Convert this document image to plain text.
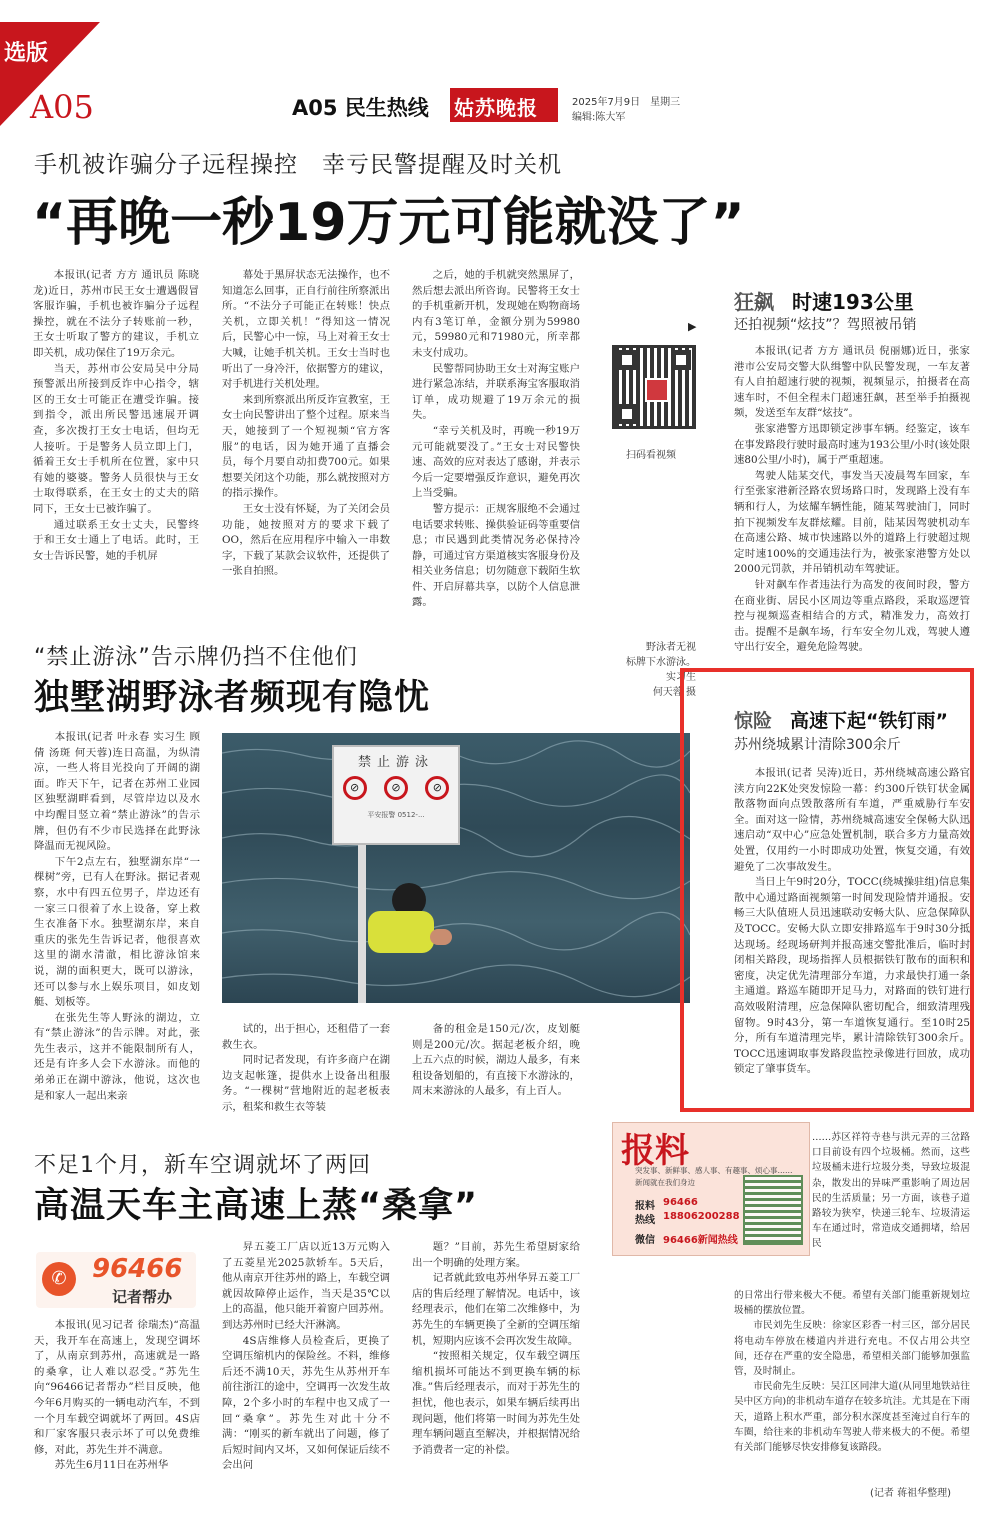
选版
A05	A05 民生热线 姑苏晚报	2025年7月9日　星期三
编辑:陈大军
手机被诈骗分子远程操控　幸亏民警提醒及时关机
“再晚一秒19万元可能就没了”

本报讯(记者 方方 通讯员 陈晓龙)近日，苏州市民王女士遭遇假冒客服诈骗，手机也被诈骗分子远程操控，就在不法分子转账前一秒，王女士听取了警方的建议，手机立即关机，成功保住了19万余元。

当天，苏州市公安局吴中分局预警派出所接到反诈中心指令，辖区的王女士可能正在遭受诈骗。接到指令，派出所民警迅速展开调查，多次拨打王女士电话，但均无人接听。于是警务人员立即上门，循着王女士手机所在位置，家中只有她的婆婆。警务人员很快与王女士取得联系，在王女士的丈夫的陪同下，王女士已被诈骗了。

通过联系王女士丈夫，民警终于和王女士通上了电话。此时，王女士告诉民警，她的手机屏

幕处于黑屏状态无法操作，也不知道怎么回事，正自行前往所察派出所。“不法分子可能正在转账！快点关机，立即关机！”得知这一情况后，民警心中一惊，马上对着王女士大喊，让她手机关机。王女士当时也听出了一身冷汗，依据警方的建议，对手机进行关机处理。

来到所察派出所反诈宣教室，王女士向民警讲出了整个过程。原来当天，她接到了一个短视频“官方客服”的电话，因为她开通了直播会员，每个月要自动扣费700元。如果想要关闭这个功能，那么就按照对方的指示操作。

王女士没有怀疑，为了关闭会员功能，她按照对方的要求下载了OO，然后在应用程序中输入一串数字，下载了某款会议软件，还提供了一张自拍照。

之后，她的手机就突然黑屏了，然后想去派出所咨询。民警将王女士的手机重新开机，发现她在购物商场内有3笔订单，金额分别为59980元，59980元和71980元，所幸都未支付成功。

民警帮同协助王女士对海宝账户进行紧急冻结，并联系海宝客服取消订单，成功规避了19万余元的损失。

“幸亏关机及时，再晚一秒19万元可能就要没了。”王女士对民警快速、高效的应对表达了感谢，并表示今后一定要增强反诈意识，避免再次上当受骗。

警方提示：正规客服绝不会通过电话要求转账、操供验证码等重要信息；市民遇到此类情况务必保持冷静，可通过官方渠道核实客服身份及相关业务信息；切勿随意下载陌生软件、开启屏幕共享，以防个人信息泄露。

▶
扫码看视频
狂飙 时速193公里
还拍视频“炫技”？驾照被吊销

本报讯(记者 方方 通讯员 倪丽娜)近日，张家港市公安局交警大队缉警中队民警发现，一车友著有人自拍超速行驶的视频，视频显示，拍摄者在高速车时，不但全程未门超速狂飙，甚至举手拍摄视频，发送至车友群“炫技”。

张家港警方迅即锁定涉事车辆。经鉴定，该车在事发路段行驶时最高时速为193公里/小时(该处限速80公里/小时)，属于严重超速。

驾驶人陆某交代，事发当天凌晨驾车回家，车行至张家港新泾路农贸场路口时，发现路上没有车辆和行人，为炫耀车辆性能，随某驾驶油门，同时拍下视频发车友群炫耀。目前，陆某因驾驶机动车在高速公路、城市快速路以外的道路上行驶超过规定时速100%的交通违法行为，被张家港警方处以2000元罚款，并吊销机动车驾驶证。

针对飙车作者违法行为高发的夜间时段，警方在商业街、居民小区周边等重点路段，采取巡逻管控与视频巡查相结合的方式，精准发力，高效打击。提醒不是飙车场，行车安全勿儿戏，驾驶人遵守出行安全，避免危险驾驶。

“禁止游泳”告示牌仍挡不住他们
独墅湖野泳者频现有隐忧

本报讯(记者 叶永春 实习生 顾倩 汤斑 何天蓉)连日高温，为纵清凉，一些人将目光投向了开阔的湖面。昨天下午，记者在苏州工业园区独墅湖畔看到，尽管岸边以及水中均醒目竖立着“禁止游泳”的告示牌，但仍有不少市民选择在此野泳降温而无视风险。

下午2点左右，独墅湖东岸“一棵树”旁，已有人在野泳。据记者观察，水中有四五位男子，岸边还有一家三口很着了水上设备，穿上救生衣准备下水。独墅湖东岸，来自重庆的张先生告诉记者，他很喜欢这里的湖水清澈，相比游泳馆来说，湖的面积更大，既可以游泳，还可以参与水上娱乐项目，如皮划艇、划板等。

在张先生等人野泳的湖边，立有“禁止游泳”的告示牌。对此，张先生表示，这并不能限制所有人，还是有许多人会下水游泳。而他的弟弟正在湖中游泳，他说，这次也是和家人一起出来亲

禁止游泳
⊘	⊘	⊘
平安报警 0512-...
野泳者无视
标牌下水游泳。
实习生
何天蓉 摄

试的，出于担心，还租借了一套救生衣。

同时记者发现，有许多商户在湖边支起帐篷，提供水上设备出租服务。“一棵树”营地附近的起老板表示，租桨和救生衣等装

备的租金是150元/次，皮划艇则是200元/次。据起老板介绍，晚上五六点的时候，湖边人最多，有来租设备划船的，有直接下水游泳的，周末来游泳的人最多，有上百人。

惊险 高速下起“铁钉雨”
苏州绕城累计清除300余斤

本报讯(记者 吴涛)近日，苏州绕城高速公路官渎方向22K处突发惊险一幕：约300斤铁钉状金属散落物面向点毁散落所有车道，严重威胁行车安全。面对这一险情，苏州绕城高速安全保畅大队迅速启动“双中心”应急处置机制，联合多方力量高效处置，仅用约一小时即成功处置，恢复交通，有效避免了二次事故发生。

当日上午9时20分，TOCC(绕城操驻组)信息集散中心通过路面视频第一时间发现险情并通报。安畅三大队值班人员迅速联动安畅大队、应急保障队及TOCC。安畅大队立即安排路巡车于9时30分抵达现场。经现场研判并报高速交警批准后，临时封闭相关路段，现场指挥人员根据铁钉散布的面积和密度，决定优先清理部分车道，力求最快打通一条主通道。路巡车随即开足马力，对路面的铁钉进行高效吸附清理，应急保障队密切配合，细致清理残留物。9时43分，第一车道恢复通行。至10时25分，所有车道清理完毕，累计清除铁钉300余斤。TOCC迅速调取事发路段监控录像进行回放，成功锁定了肇事货车。

不足1个月，新车空调就坏了两回
高温天车主高速上蒸“桑拿”
✆ 96466
记者帮办

本报讯(见习记者 徐瑞杰)“高温天，我开车在高速上，发现空调坏了，从南京到苏州，高速就是一路的桑拿，让人难以忍受。”苏先生向“96466记者帮办”栏目反映，他今年6月购买的一辆电动汽车，不到一个月车载空调就坏了两回。4S店和厂家客服只表示坏了可以免费维修，对此，苏先生并不满意。

苏先生6月11日在苏州华

昇五菱工厂店以近13万元购入了五菱星光2025款轿车。5天后，他从南京开往苏州的路上，车载空调就因故障停止运作，当天是35℃以上的高温，他只能开着窗户回苏州。到达苏州时已经大汗淋漓。

4S店维修人员检查后，更换了空调压缩机内的保险丝。不料，维修后还不满10天，苏先生从苏州开车前往浙江的途中，空调再一次发生故障，2个多小时的车程中也又成了一回“桑拿”。苏先生对此十分不满：“刚买的新车就出了问题，修了后短时间内又坏，又如何保证后续不会出问

题？”目前，苏先生希望厨家给出一个明确的处理方案。

记者就此致电苏州华昇五菱工厂店的售后经理了解情况。电话中，该经理表示，他们在第二次维修中，为苏先生的车辆更换了全新的空调压缩机，短期内应该不会再次发生故障。

“按照相关规定，仅车载空调压缩机损坏可能达不到更换车辆的标准。”售后经理表示，而对于苏先生的担忧，他也表示，如果车辆后续再出现问题，他们将第一时间为苏先生处理车辆问题直至解决，并根据情况给予消费者一定的补偿。

报料
突发事、新鲜事、感人事、有趣事、烦心事……
新闻就在我们身边
报料 96466
热线 18806200288
微信 96466新闻热线

……苏区祥符寺巷与洪元弄的三岔路口目前设有四个垃圾桶。然而，这些垃圾桶未进行垃圾分类，导致垃圾混杂，散发出的异味严重影响了周边居民的生活质量；另一方面，该巷子道路较为狭窄，快递三轮车、垃圾清运车在通过时，常造成交通拥堵，给居民

的日常出行带来极大不便。希望有关部门能重新规划垃圾桶的摆放位置。

市民刘先生反映：徐家区彩香一村三区，部分居民将电动车停放在楼道内并进行充电。不仅占用公共空间，还存在严重的安全隐患，希望相关部门能够加强监管，及时制止。

市民俞先生反映：吴江区同津大道(从同里地铁站往吴中区方向)的非机动车道存在较多坑洼。尤其是在下雨天，道路上积水严重，部分积水深度甚至淹过自行车的车圈，给往来的非机动车驾驶人带来极大的不便。希望有关部门能够尽快安排修复该路段。

(记者 蒋祖华整理)
